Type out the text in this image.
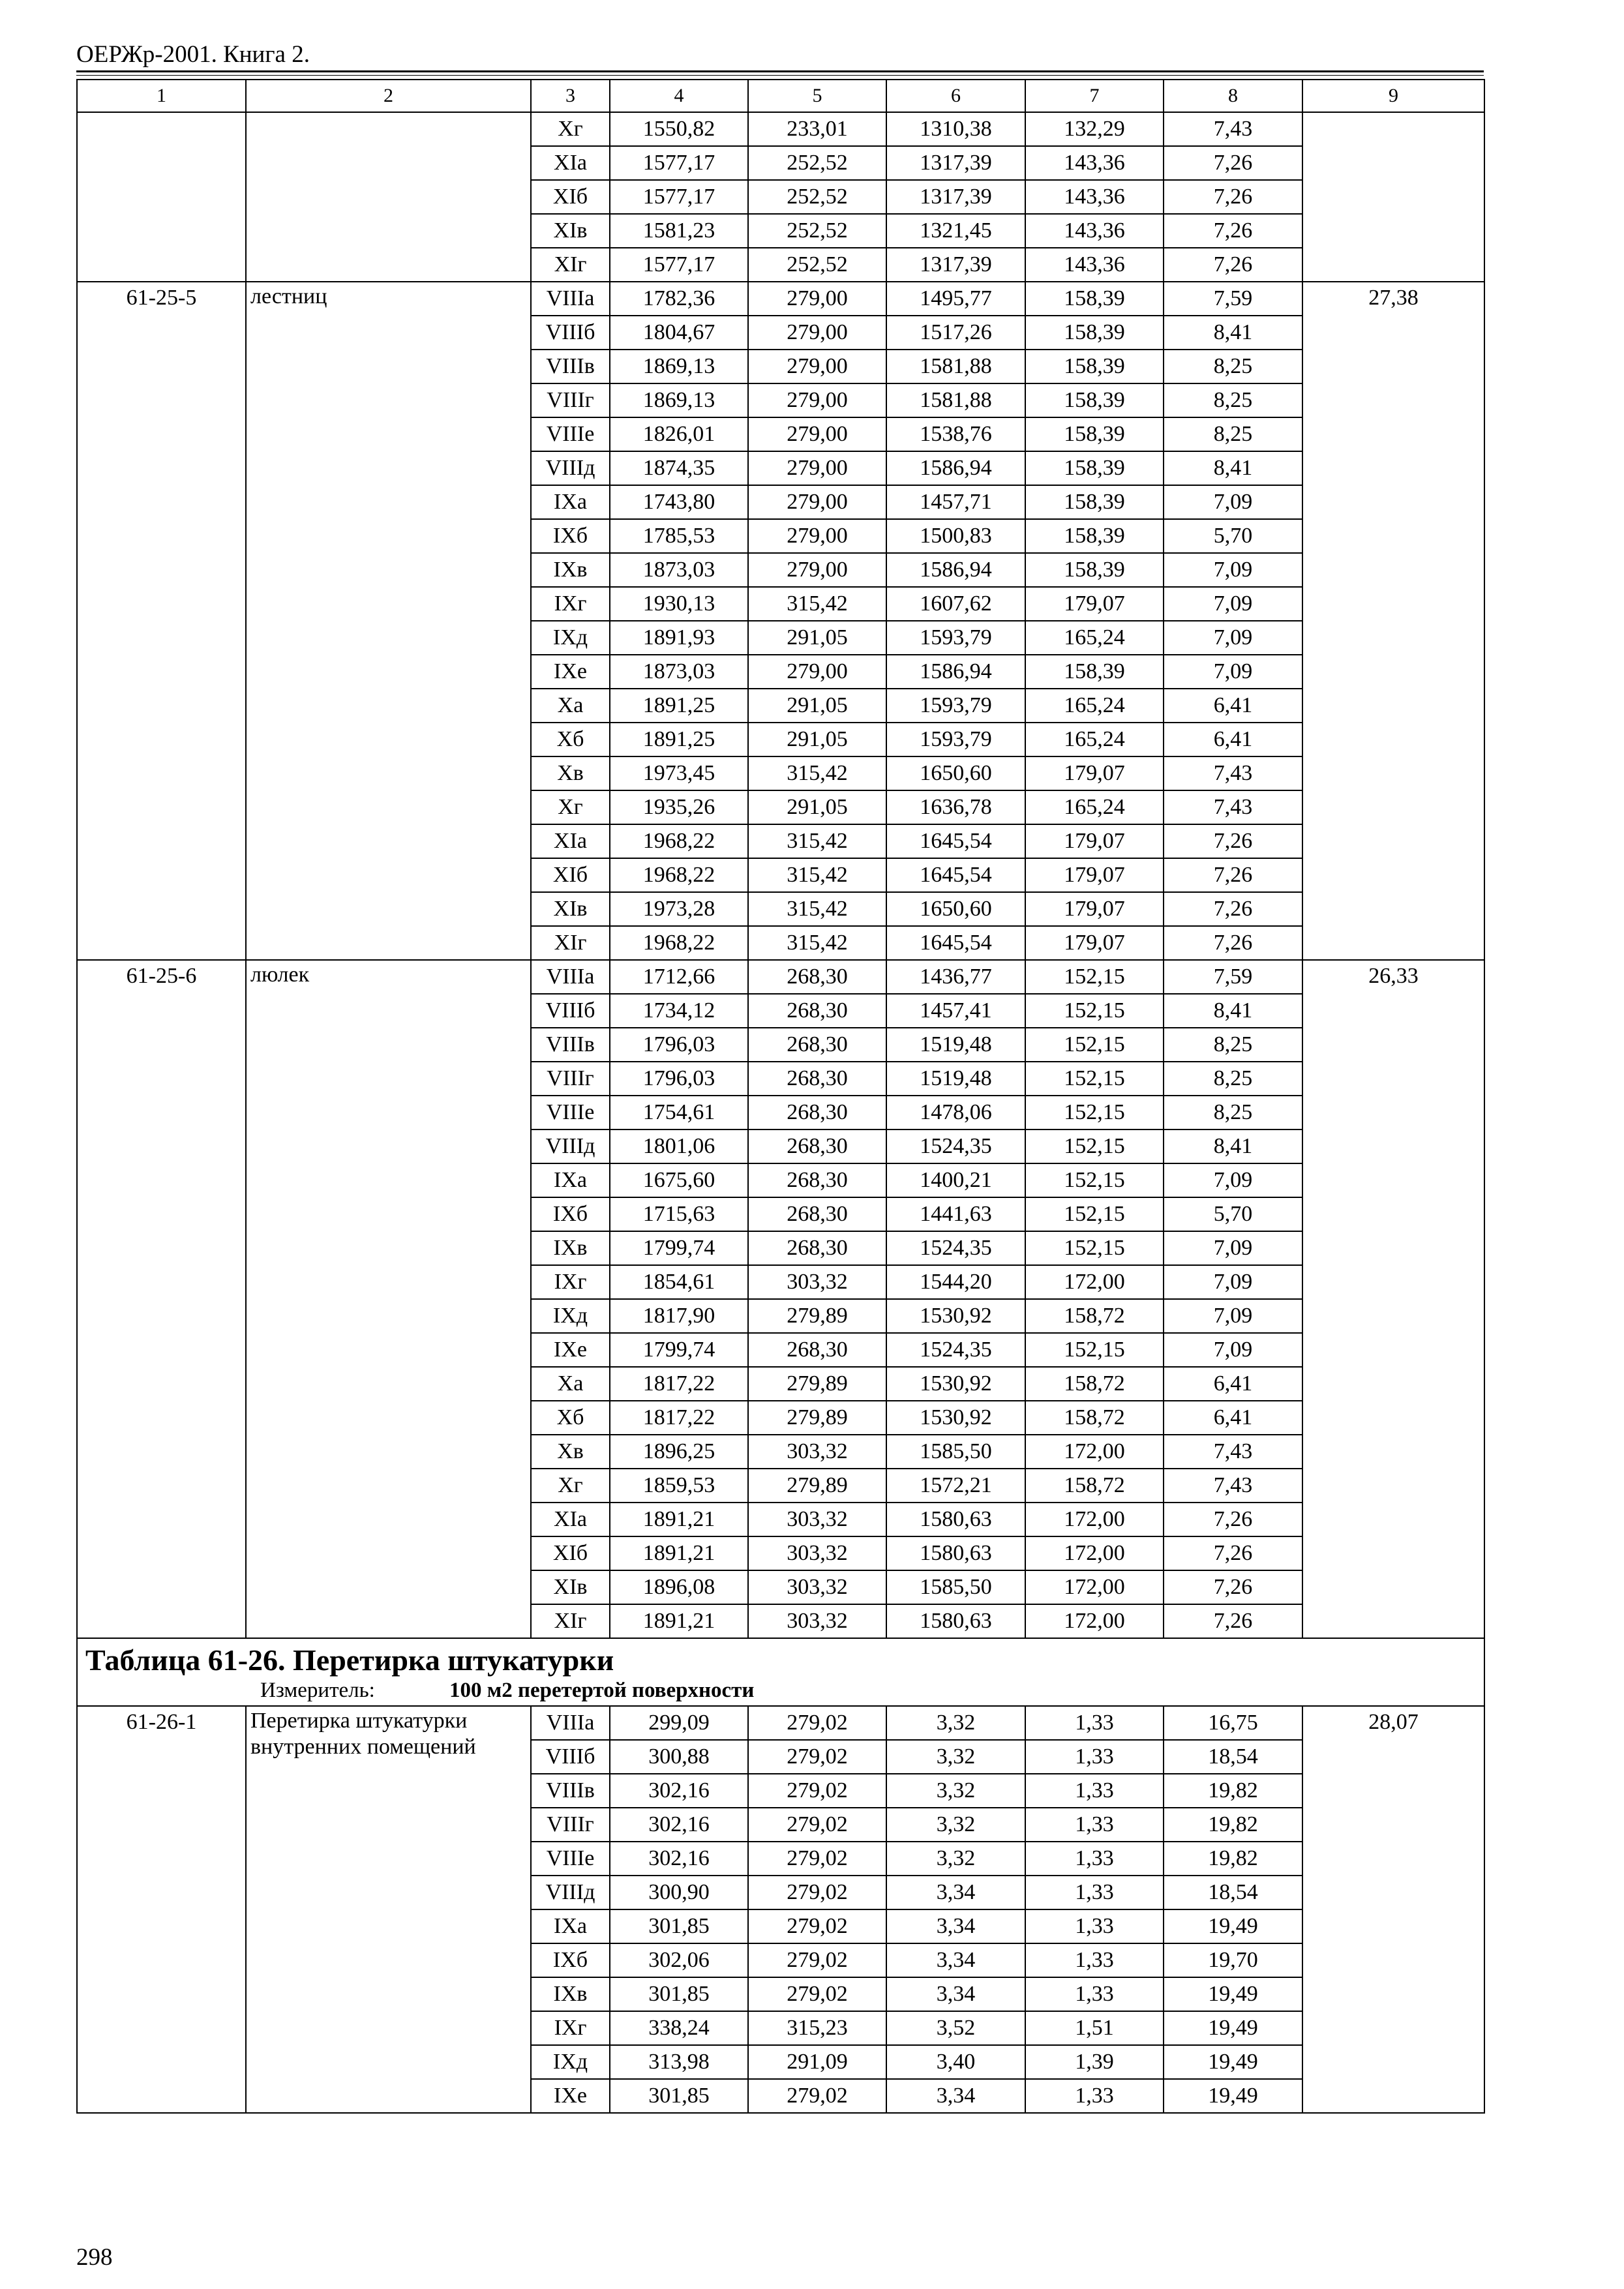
ОЕРЖр-2001. Книга 2.
1	2	3	4	5	6	7	8	9
		Xг	1550,82	233,01	1310,38	132,29	7,43	
		XIа	1577,17	252,52	1317,39	143,36	7,26	
		XIб	1577,17	252,52	1317,39	143,36	7,26	
		XIв	1581,23	252,52	1321,45	143,36	7,26	
		XIг	1577,17	252,52	1317,39	143,36	7,26	
61-25-5	лестниц	VIIIа	1782,36	279,00	1495,77	158,39	7,59	27,38
		VIIIб	1804,67	279,00	1517,26	158,39	8,41	
		VIIIв	1869,13	279,00	1581,88	158,39	8,25	
		VIIIг	1869,13	279,00	1581,88	158,39	8,25	
		VIIIе	1826,01	279,00	1538,76	158,39	8,25	
		VIIIд	1874,35	279,00	1586,94	158,39	8,41	
		IXа	1743,80	279,00	1457,71	158,39	7,09	
		IXб	1785,53	279,00	1500,83	158,39	5,70	
		IXв	1873,03	279,00	1586,94	158,39	7,09	
		IXг	1930,13	315,42	1607,62	179,07	7,09	
		IXд	1891,93	291,05	1593,79	165,24	7,09	
		IXе	1873,03	279,00	1586,94	158,39	7,09	
		Xа	1891,25	291,05	1593,79	165,24	6,41	
		Xб	1891,25	291,05	1593,79	165,24	6,41	
		Xв	1973,45	315,42	1650,60	179,07	7,43	
		Xг	1935,26	291,05	1636,78	165,24	7,43	
		XIа	1968,22	315,42	1645,54	179,07	7,26	
		XIб	1968,22	315,42	1645,54	179,07	7,26	
		XIв	1973,28	315,42	1650,60	179,07	7,26	
		XIг	1968,22	315,42	1645,54	179,07	7,26	
61-25-6	люлек	VIIIа	1712,66	268,30	1436,77	152,15	7,59	26,33
		VIIIб	1734,12	268,30	1457,41	152,15	8,41	
		VIIIв	1796,03	268,30	1519,48	152,15	8,25	
		VIIIг	1796,03	268,30	1519,48	152,15	8,25	
		VIIIе	1754,61	268,30	1478,06	152,15	8,25	
		VIIIд	1801,06	268,30	1524,35	152,15	8,41	
		IXа	1675,60	268,30	1400,21	152,15	7,09	
		IXб	1715,63	268,30	1441,63	152,15	5,70	
		IXв	1799,74	268,30	1524,35	152,15	7,09	
		IXг	1854,61	303,32	1544,20	172,00	7,09	
		IXд	1817,90	279,89	1530,92	158,72	7,09	
		IXе	1799,74	268,30	1524,35	152,15	7,09	
		Xа	1817,22	279,89	1530,92	158,72	6,41	
		Xб	1817,22	279,89	1530,92	158,72	6,41	
		Xв	1896,25	303,32	1585,50	172,00	7,43	
		Xг	1859,53	279,89	1572,21	158,72	7,43	
		XIа	1891,21	303,32	1580,63	172,00	7,26	
		XIб	1891,21	303,32	1580,63	172,00	7,26	
		XIв	1896,08	303,32	1585,50	172,00	7,26	
		XIг	1891,21	303,32	1580,63	172,00	7,26	

Таблица 61-26. Перетирка штукатурки
Измеритель: 100 м2 перетертой поверхности								

61-26-1	Перетирка штукатурки внутренних помещений	VIIIа	299,09	279,02	3,32	1,33	16,75	28,07
		VIIIб	300,88	279,02	3,32	1,33	18,54	
		VIIIв	302,16	279,02	3,32	1,33	19,82	
		VIIIг	302,16	279,02	3,32	1,33	19,82	
		VIIIе	302,16	279,02	3,32	1,33	19,82	
		VIIIд	300,90	279,02	3,34	1,33	18,54	
		IXа	301,85	279,02	3,34	1,33	19,49	
		IXб	302,06	279,02	3,34	1,33	19,70	
		IXв	301,85	279,02	3,34	1,33	19,49	
		IXг	338,24	315,23	3,52	1,51	19,49	
		IXд	313,98	291,09	3,40	1,39	19,49	
		IXе	301,85	279,02	3,34	1,33	19,49	
298
